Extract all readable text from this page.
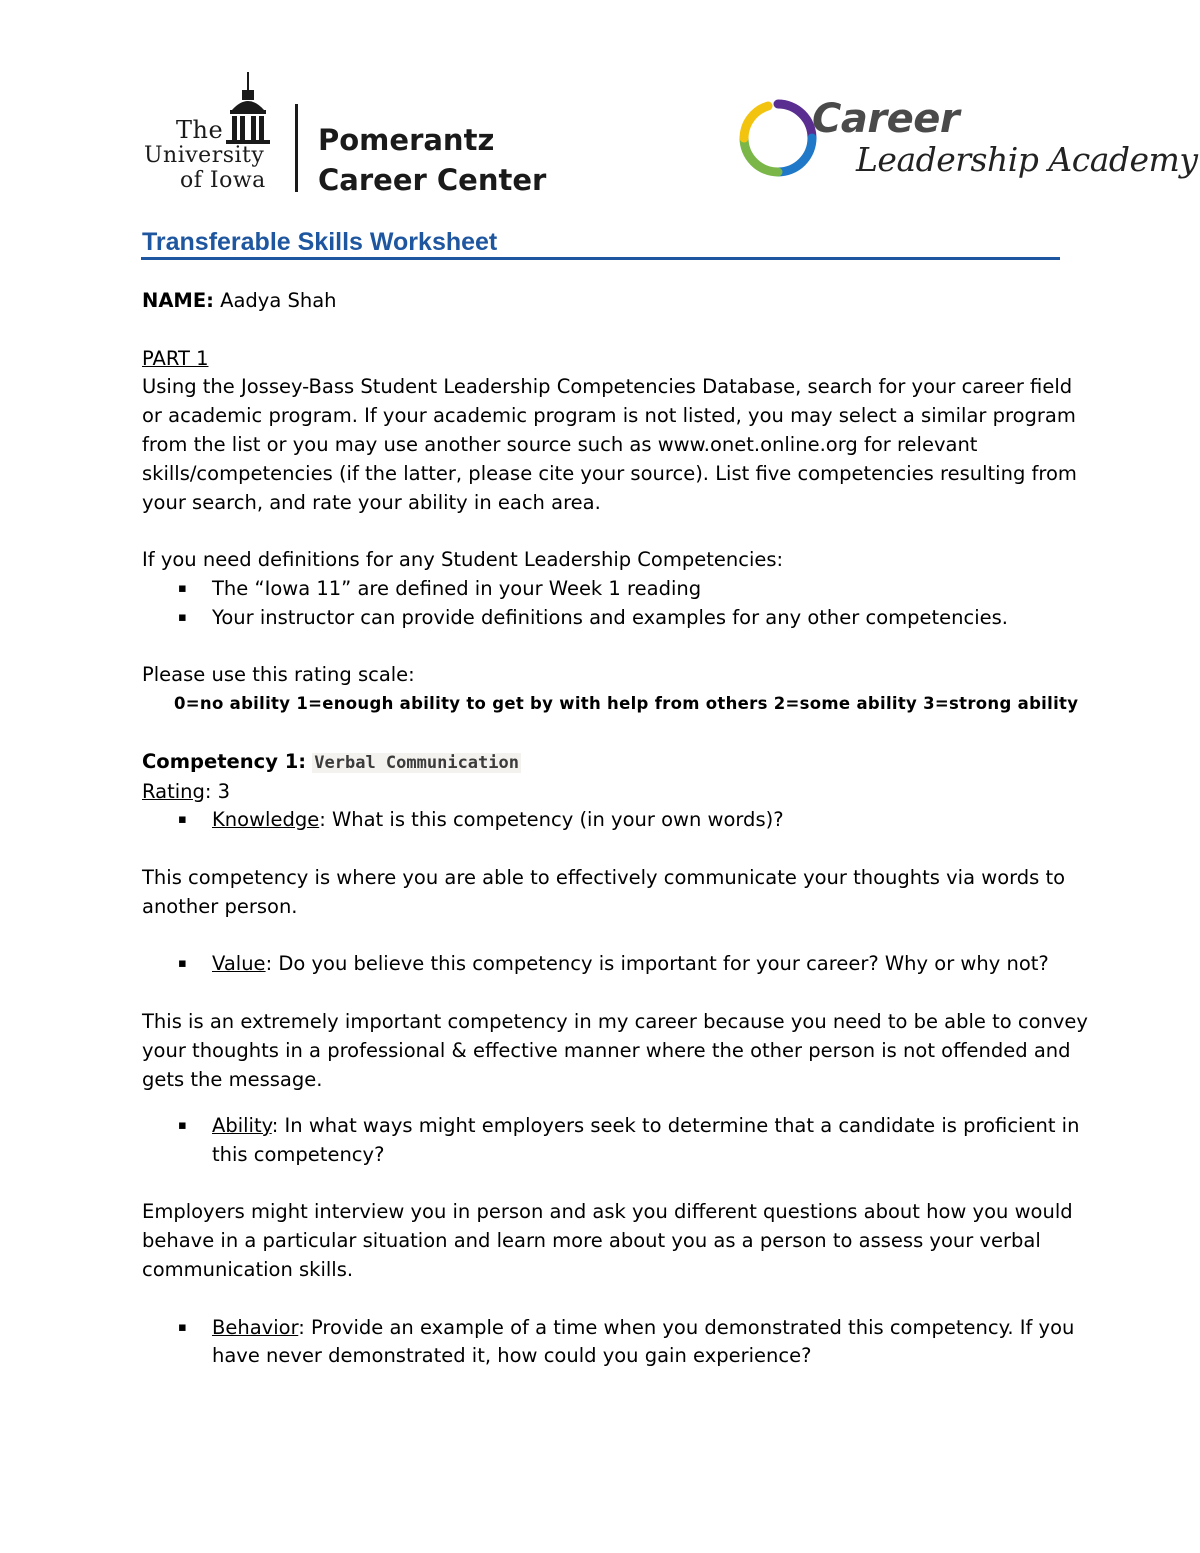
The
University
of Iowa
Pomerantz
Career Center
Career
Leadership Academy
Transferable Skills Worksheet
NAME: Aadya Shah

PART 1
Using the Jossey-Bass Student Leadership Competencies Database, search for your career field
or academic program. If your academic program is not listed, you may select a similar program
from the list or you may use another source such as www.onet.online.org for relevant
skills/competencies (if the latter, please cite your source). List five competencies resulting from
your search, and rate your ability in each area.

If you need definitions for any Student Leadership Competencies:
▪ The “Iowa 11” are defined in your Week 1 reading
▪ Your instructor can provide definitions and examples for any other competencies.

Please use this rating scale:
0=no ability 1=enough ability to get by with help from others 2=some ability 3=strong ability

Competency 1: Verbal Communication
Rating: 3
▪ Knowledge: What is this competency (in your own words)?

This competency is where you are able to effectively communicate your thoughts via words to
another person.

▪ Value: Do you believe this competency is important for your career? Why or why not?

This is an extremely important competency in my career because you need to be able to convey
your thoughts in a professional & effective manner where the other person is not offended and
gets the message.
▪ Ability: In what ways might employers seek to determine that a candidate is proficient in
this competency?

Employers might interview you in person and ask you different questions about how you would
behave in a particular situation and learn more about you as a person to assess your verbal
communication skills.

▪ Behavior: Provide an example of a time when you demonstrated this competency. If you
have never demonstrated it, how could you gain experience?
